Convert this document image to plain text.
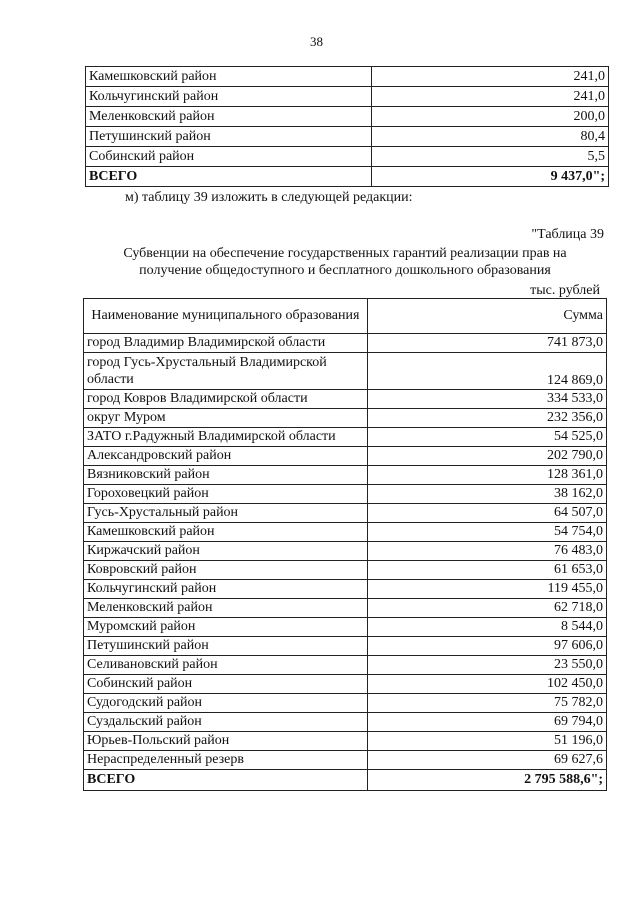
38
Камешковский район	241,0
Кольчугинский район	241,0
Меленковский район	200,0
Петушинский район	80,4
Собинский район	5,5
ВСЕГО	9 437,0";
м) таблицу 39 изложить в следующей редакции:
"Таблица 39
Субвенции на обеспечение государственных гарантий реализации прав на
получение общедоступного и бесплатного дошкольного образования
тыс. рублей
Наименование муниципального образования	Сумма
город Владимир Владимирской области	741 873,0
город Гусь-Хрустальный Владимирской области	124 869,0
город Ковров Владимирской области	334 533,0
округ Муром	232 356,0
ЗАТО г.Радужный Владимирской области	54 525,0
Александровский район	202 790,0
Вязниковский район	128 361,0
Гороховецкий район	38 162,0
Гусь-Хрустальный район	64 507,0
Камешковский район	54 754,0
Киржачский район	76 483,0
Ковровский район	61 653,0
Кольчугинский район	119 455,0
Меленковский район	62 718,0
Муромский район	8 544,0
Петушинский район	97 606,0
Селивановский район	23 550,0
Собинский район	102 450,0
Судогодский район	75 782,0
Суздальский район	69 794,0
Юрьев-Польский район	51 196,0
Нераспределенный резерв	69 627,6
ВСЕГО	2 795 588,6";
